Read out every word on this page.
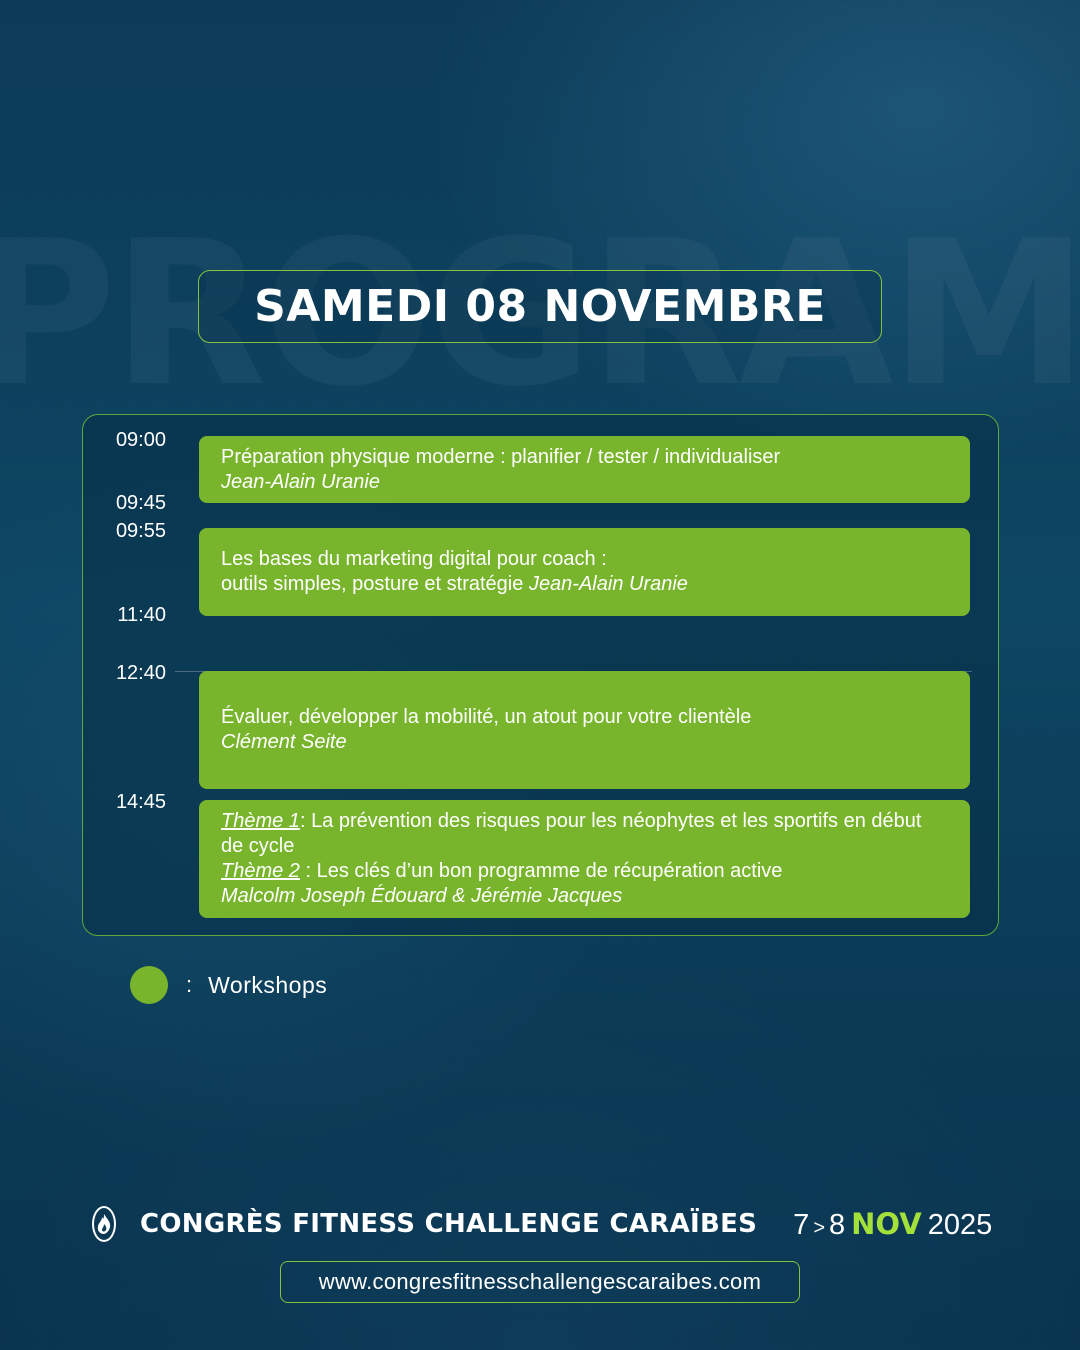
SAMEDI 08 NOVEMBRE
09:00
09:45
09:55
11:40
12:40
14:45
Préparation physique moderne : planifier / tester / individualiser
Jean-Alain Uranie
Les bases du marketing digital pour coach :
outils simples, posture et stratégie Jean-Alain Uranie
Évaluer, développer la mobilité, un atout pour votre clientèle
Clément Seite
Thème 1: La prévention des risques pour les néophytes et les sportifs en début de cycle
Thème 2 : Les clés d’un bon programme de récupération active
Malcolm Joseph Édouard & Jérémie Jacques
: Workshops
CONGRÈS FITNESS CHALLENGE CARAÏBES 7 > 8 NOV 2025
www.congresfitnesschallengescaraibes.com
